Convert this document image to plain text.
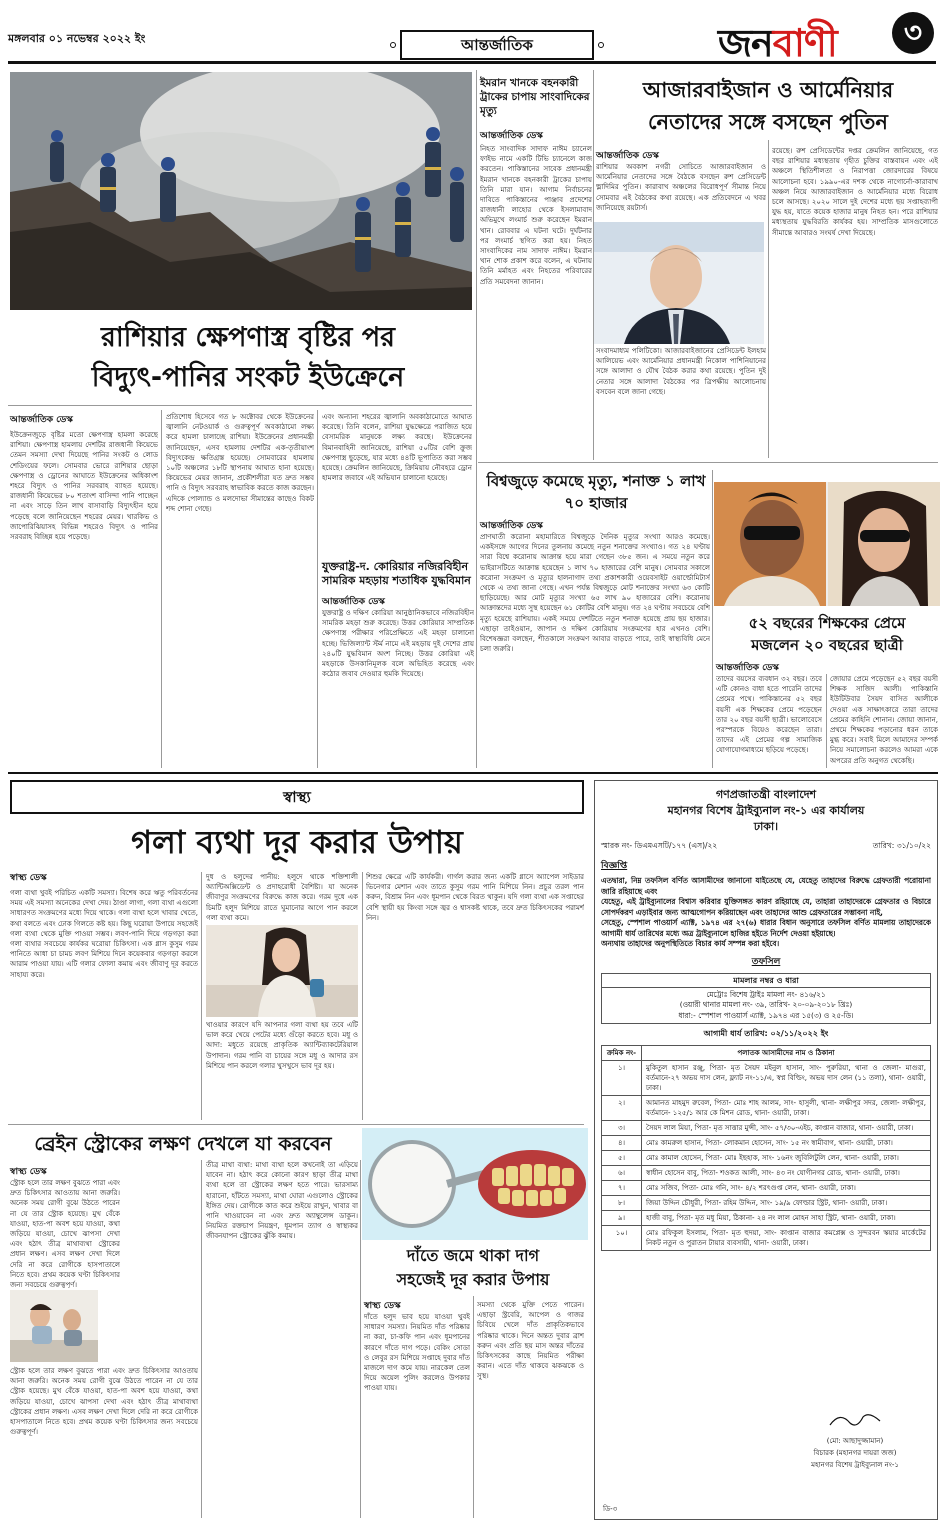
মঙ্গলবার ০১ নভেম্বর ২০২২ ইং	আন্তর্জাতিক	জনবাণী	৩
রাশিয়ার ক্ষেপণাস্ত্র বৃষ্টির পর
বিদ্যুৎ-পানির সংকট ইউক্রেনে
আন্তর্জাতিক ডেস্ক
ইউক্রেনজুড়ে বৃষ্টির মতো ক্ষেপণাস্ত্র হামলা করেছে রাশিয়া। ক্ষেপণাস্ত্র হামলায় দেশটির রাজধানী কিয়েভে তেমন সমস্যা দেখা দিয়েছে পানির সংকট ও লোড শেডিংয়ের ফলে। সোমবার ভোরে রাশিয়ার ছোড়া ক্ষেপণাস্ত্র ও ড্রোনের আঘাতে ইউক্রেনের অধিকাংশ শহরে বিদ্যুৎ ও পানির সরবরাহ ব্যাহত হয়েছে। রাজধানী কিয়েভের ৮০ শতাংশ বাসিন্দা পানি পাচ্ছেন না এবং সাড়ে তিন লাখ বাসাবাড়ি বিদ্যুৎহীন হয়ে পড়েছে বলে জানিয়েছেন শহরের মেয়র। খারকিভ ও জাপোরিঝিয়াসহ বিভিন্ন শহরেও বিদ্যুৎ ও পানির সরবরাহ বিচ্ছিন্ন হয়ে পড়েছে।
প্রতিশোধ হিসেবে গত ৮ অক্টোবর থেকে ইউক্রেনের জ্বালানি নেটওয়ার্ক ও গুরুত্বপূর্ণ অবকাঠামো লক্ষ্য করে হামলা চালাচ্ছে রাশিয়া। ইউক্রেনের প্রধানমন্ত্রী জানিয়েছেন, এসব হামলায় দেশটির এক-তৃতীয়াংশ বিদ্যুৎকেন্দ্র ক্ষতিগ্রস্ত হয়েছে। সোমবারের হামলায় ১০টি অঞ্চলের ১৮টি স্থাপনায় আঘাত হানা হয়েছে। কিয়েভের মেয়র জানান, প্রকৌশলীরা যত দ্রুত সম্ভব পানি ও বিদ্যুৎ সরবরাহ স্বাভাবিক করতে কাজ করছেন। এদিকে পোল্যান্ড ও মলদোভা সীমান্তের কাছেও বিকট শব্দ শোনা গেছে।
এবং অন্যান্য শহরের জ্বালানি অবকাঠামোতে আঘাত করেছে। তিনি বলেন, রাশিয়া যুদ্ধক্ষেত্রে পরাজিত হয়ে বেসামরিক মানুষকে লক্ষ্য করছে। ইউক্রেনের বিমানবাহিনী জানিয়েছে, রাশিয়া ৫০টির বেশি ক্রুজ ক্ষেপণাস্ত্র ছুড়েছে, যার মধ্যে ৪৪টি ভূপাতিত করা সম্ভব হয়েছে। ক্রেমলিন জানিয়েছে, ক্রিমিয়ায় নৌবহরে ড্রোন হামলার জবাবে এই অভিযান চালানো হয়েছে।
যুক্তরাষ্ট্র-দ. কোরিয়ার নজিরবিহীন সামরিক মহড়ায় শতাধিক যুদ্ধবিমান
আন্তর্জাতিক ডেস্ক
যুক্তরাষ্ট্র ও দক্ষিণ কোরিয়া আনুষ্ঠানিকভাবে নজিরবিহীন সামরিক মহড়া শুরু করেছে। উত্তর কোরিয়ার সাম্প্রতিক ক্ষেপণাস্ত্র পরীক্ষার পরিপ্রেক্ষিতে এই মহড়া চালানো হচ্ছে। ভিজিল্যান্ট স্টর্ম নামে এই মহড়ায় দুই দেশের প্রায় ২৪০টি যুদ্ধবিমান অংশ নিচ্ছে। উত্তর কোরিয়া এই মহড়াকে উসকানিমূলক বলে অভিহিত করেছে এবং কঠোর জবাব দেওয়ার হুমকি দিয়েছে।
ইমরান খানকে বহনকারী ট্রাকের চাপায় সাংবাদিকের মৃত্যু
আন্তর্জাতিক ডেস্ক
নিহত সাংবাদিক সাদাফ নাঈম চ্যানেল ফাইভ নামে একটি টিভি চ্যানেলে কাজ করতেন। পাকিস্তানের সাবেক প্রধানমন্ত্রী ইমরান খানকে বহনকারী ট্রাকের চাপায় তিনি মারা যান। আগাম নির্বাচনের দাবিতে পাকিস্তানের পাঞ্জাব প্রদেশের রাজধানী লাহোর থেকে ইসলামাবাদ অভিমুখে লংমার্চ শুরু করেছেন ইমরান খান। রোববার এ ঘটনা ঘটে। দুর্ঘটনার পর লংমার্চ স্থগিত করা হয়। নিহত সাংবাদিকের নাম সাদাফ নাঈম। ইমরান খান শোক প্রকাশ করে বলেন, এ ঘটনায় তিনি মর্মাহত এবং নিহতের পরিবারের প্রতি সমবেদনা জানান।
আজারবাইজান ও আর্মেনিয়ার
নেতাদের সঙ্গে বসছেন পুতিন
আন্তর্জাতিক ডেস্ক
রাশিয়ার অবকাশ নগরী সোচিতে আজারবাইজান ও আর্মেনিয়ার নেতাদের সঙ্গে বৈঠকে বসছেন রুশ প্রেসিডেন্ট ভ্লাদিমির পুতিন। কারাবাখ অঞ্চলের বিরোধপূর্ণ সীমান্ত নিয়ে সোমবার এই বৈঠকের কথা রয়েছে। এক প্রতিবেদনে এ খবর জানিয়েছে রয়টার্স।
সংবাদমাধ্যম পলিটিকো। আজারবাইজানের প্রেসিডেন্ট ইলহাম আলিয়েভ এবং আর্মেনিয়ার প্রধানমন্ত্রী নিকোল পাশিনিয়ানের সঙ্গে আলাদা ও যৌথ বৈঠক করার কথা রয়েছে। পুতিন দুই নেতার সঙ্গে আলাদা বৈঠকের পর ত্রিপক্ষীয় আলোচনায় বসবেন বলে জানা গেছে।
রয়েছে। রুশ প্রেসিডেন্টের দপ্তর ক্রেমলিন জানিয়েছে, গত বছর রাশিয়ার মধ্যস্থতায় গৃহীত চুক্তির বাস্তবায়ন এবং এই অঞ্চলে স্থিতিশীলতা ও নিরাপত্তা জোরদারের বিষয়ে আলোচনা হবে। ১৯৯০-এর দশক থেকে নাগোর্নো-কারাবাখ অঞ্চল নিয়ে আজারবাইজান ও আর্মেনিয়ার মধ্যে বিরোধ চলে আসছে। ২০২০ সালে দুই দেশের মধ্যে ছয় সপ্তাহব্যাপী যুদ্ধ হয়, যাতে কয়েক হাজার মানুষ নিহত হন। পরে রাশিয়ার মধ্যস্থতায় যুদ্ধবিরতি কার্যকর হয়। সাম্প্রতিক মাসগুলোতে সীমান্তে আবারও সংঘর্ষ দেখা দিয়েছে।
বিশ্বজুড়ে কমেছে মৃত্যু, শনাক্ত ১ লাখ ৭০ হাজার
আন্তর্জাতিক ডেস্ক
প্রাণঘাতী করোনা মহামারিতে বিশ্বজুড়ে দৈনিক মৃত্যুর সংখ্যা আরও কমেছে। একইসঙ্গে আগের দিনের তুলনায় কমেছে নতুন শনাক্তের সংখ্যাও। গত ২৪ ঘণ্টায় সারা বিশ্বে করোনায় আক্রান্ত হয়ে মারা গেছেন ৩৮৫ জন। এ সময়ে নতুন করে ভাইরাসটিতে আক্রান্ত হয়েছেন ১ লাখ ৭০ হাজারের বেশি মানুষ। সোমবার সকালে করোনা সংক্রমণ ও মৃত্যুর হালনাগাদ তথ্য প্রকাশকারী ওয়েবসাইট ওয়ার্ল্ডোমিটার্স থেকে এ তথ্য জানা গেছে। এখন পর্যন্ত বিশ্বজুড়ে মোট শনাক্তের সংখ্যা ৬৩ কোটি ছাড়িয়েছে। আর মোট মৃত্যুর সংখ্যা ৬৫ লাখ ৯০ হাজারের বেশি। করোনায় আক্রান্তদের মধ্যে সুস্থ হয়েছেন ৬১ কোটির বেশি মানুষ। গত ২৪ ঘণ্টায় সবচেয়ে বেশি মৃত্যু হয়েছে রাশিয়ায়। একই সময়ে দেশটিতে নতুন শনাক্ত হয়েছে প্রায় ছয় হাজার। এছাড়া তাইওয়ান, জাপান ও দক্ষিণ কোরিয়ায় সংক্রমণের হার এখনও বেশি। বিশেষজ্ঞরা বলছেন, শীতকালে সংক্রমণ আবার বাড়তে পারে, তাই স্বাস্থ্যবিধি মেনে চলা জরুরি।
৫২ বছরের শিক্ষকের প্রেমে
মজলেন ২০ বছরের ছাত্রী
আন্তর্জাতিক ডেস্ক
তাদের বয়সের ব্যবধান ৩২ বছর। তবে এটি কোনও বাধা হতে পারেনি তাদের প্রেমের পথে। পাকিস্তানের ৫২ বছর বয়সী এক শিক্ষকের প্রেমে পড়েছেন তার ২০ বছর বয়সী ছাত্রী। ভালোবেসে পরস্পরকে বিয়েও করেছেন তারা। তাদের এই প্রেমের গল্প সামাজিক যোগাযোগমাধ্যমে ছড়িয়ে পড়েছে।
জোয়ার প্রেমে পড়েছেন ৫২ বছর বয়সী শিক্ষক সাজিদ আলী। পাকিস্তানি ইউটিউবার সৈয়দ বাসিত আলীকে দেওয়া এক সাক্ষাৎকারে তারা তাদের প্রেমের কাহিনি শোনান। জোয়া জানান, প্রথমে শিক্ষকের পড়ানোর ধরন তাকে মুগ্ধ করে। সবাই মিলে আমাদের সম্পর্ক নিয়ে সমালোচনা করলেও আমরা একে অপরের প্রতি অনুগত থেকেছি।
স্বাস্থ্য
গলা ব্যথা দূর করার উপায়
স্বাস্থ্য ডেস্ক
গলা ব্যথা খুবই পরিচিত একটি সমস্যা। বিশেষ করে ঋতু পরিবর্তনের সময় এই সমস্যা অনেকের দেখা দেয়। ঠাণ্ডা লাগা, গলা ব্যথা এগুলো সাধারণত সংক্রমণের মধ্যে দিয়ে থাকে। গলা ব্যথা হলে খাবার খেতে, কথা বলতে এবং ঢোক গিলতে কষ্ট হয়। কিছু ঘরোয়া উপায়ে সহজেই গলা ব্যথা থেকে মুক্তি পাওয়া সম্ভব। লবণ-পানি দিয়ে গড়গড়া করা গলা ব্যথার সবচেয়ে কার্যকর ঘরোয়া চিকিৎসা। এক গ্লাস কুসুম গরম পানিতে আধা চা চামচ লবণ মিশিয়ে দিনে কয়েকবার গড়গড়া করলে আরাম পাওয়া যায়। এটি গলার ফোলা কমায় এবং জীবাণু দূর করতে সাহায্য করে।
দুধ ও হলুদের পানীয়: হলুদে থাকে শক্তিশালী অ্যান্টিঅক্সিডেন্ট ও প্রদাহরোধী বৈশিষ্ট্য। যা অনেক জীবাণুর সংক্রমণের বিরুদ্ধে কাজ করে। গরম দুধে এক চিমটি হলুদ মিশিয়ে রাতে ঘুমানোর আগে পান করলে গলা ব্যথা কমে।
খাওয়ার কারণে যদি আপনার গলা ব্যথা হয় তবে এটি ভাল করে খেয়ে পেটের মধ্যে গুঁড়ো করতে হবে। মধু ও আদা: মধুতে রয়েছে প্রাকৃতিক অ্যান্টিব্যাকটেরিয়াল উপাদান। গরম পানি বা চায়ের সঙ্গে মধু ও আদার রস মিশিয়ে পান করলে গলার খুসখুসে ভাব দূর হয়।
শিশুর ক্ষেত্রে এটি কার্যকরী। গার্গল করার জন্য একটি গ্লাসে অ্যাপেল সাইডার ভিনেগার মেশান এবং তাতে কুসুম গরম পানি মিশিয়ে নিন। প্রচুর তরল পান করুন, বিশ্রাম নিন এবং ধূমপান থেকে বিরত থাকুন। যদি গলা ব্যথা এক সপ্তাহের বেশি স্থায়ী হয় কিংবা সঙ্গে জ্বর ও শ্বাসকষ্ট থাকে, তবে দ্রুত চিকিৎসকের পরামর্শ নিন।
ব্রেইন স্ট্রোকের লক্ষণ দেখলে যা করবেন
স্বাস্থ্য ডেস্ক
স্ট্রোক হলে তার লক্ষণ বুঝতে পারা এবং দ্রুত চিকিৎসার আওতায় আনা জরুরি। অনেক সময় রোগী বুঝে উঠতে পারেন না যে তার স্ট্রোক হয়েছে। মুখ বেঁকে যাওয়া, হাত-পা অবশ হয়ে যাওয়া, কথা জড়িয়ে যাওয়া, চোখে ঝাপসা দেখা এবং হঠাৎ তীব্র মাথাব্যথা স্ট্রোকের প্রধান লক্ষণ। এসব লক্ষণ দেখা দিলে দেরি না করে রোগীকে হাসপাতালে নিতে হবে। প্রথম কয়েক ঘণ্টা চিকিৎসার জন্য সবচেয়ে গুরুত্বপূর্ণ।
স্ট্রোক হলে তার লক্ষণ বুঝতে পারা এবং দ্রুত চিকিৎসার আওতায় আনা জরুরি। অনেক সময় রোগী বুঝে উঠতে পারেন না যে তার স্ট্রোক হয়েছে। মুখ বেঁকে যাওয়া, হাত-পা অবশ হয়ে যাওয়া, কথা জড়িয়ে যাওয়া, চোখে ঝাপসা দেখা এবং হঠাৎ তীব্র মাথাব্যথা স্ট্রোকের প্রধান লক্ষণ। এসব লক্ষণ দেখা দিলে দেরি না করে রোগীকে হাসপাতালে নিতে হবে। প্রথম কয়েক ঘণ্টা চিকিৎসার জন্য সবচেয়ে গুরুত্বপূর্ণ।
তীব্র মাথা ব্যথা: মাথা ব্যথা হলে কখনোই তা এড়িয়ে যাবেন না। হঠাৎ করে কোনো কারণ ছাড়া তীব্র মাথা ব্যথা হলে তা স্ট্রোকের লক্ষণ হতে পারে। ভারসাম্য হারানো, হাঁটতে সমস্যা, মাথা ঘোরা এগুলোও স্ট্রোকের ইঙ্গিত দেয়। রোগীকে কাত করে শুইয়ে রাখুন, খাবার বা পানি খাওয়াবেন না এবং দ্রুত অ্যাম্বুলেন্স ডাকুন। নিয়মিত রক্তচাপ নিয়ন্ত্রণ, ধূমপান ত্যাগ ও স্বাস্থ্যকর জীবনযাপন স্ট্রোকের ঝুঁকি কমায়।
দাঁতে জমে থাকা দাগ
সহজেই দূর করার উপায়
স্বাস্থ্য ডেস্ক
দাঁতে হলুদ ভাব হয়ে যাওয়া খুবই সাধারণ সমস্যা। নিয়মিত দাঁত পরিষ্কার না করা, চা-কফি পান এবং ধূমপানের কারণে দাঁতে দাগ পড়ে। বেকিং সোডা ও লেবুর রস মিশিয়ে সপ্তাহে দুবার দাঁত মাজলে দাগ কমে যায়। নারকেল তেল দিয়ে অয়েল পুলিং করলেও উপকার পাওয়া যায়।
সমস্যা থেকে মুক্তি পেতে পারেন। এছাড়া স্ট্রবেরি, আপেল ও গাজর চিবিয়ে খেলে দাঁত প্রাকৃতিকভাবে পরিষ্কার থাকে। দিনে অন্তত দুবার ব্রাশ করুন এবং প্রতি ছয় মাস অন্তর দাঁতের চিকিৎসকের কাছে নিয়মিত পরীক্ষা করান। এতে দাঁত থাকবে ঝকঝকে ও সুস্থ।
গণপ্রজাতন্ত্রী বাংলাদেশ
মহানগর বিশেষ ট্রাইব্যুনাল নং-১ এর কার্যালয়
ঢাকা।
স্মারক নং- ডিএমএসটি/১৭৭ (এস)/২২	তারিখ: ৩১/১০/২২
বিজ্ঞপ্তি
এতদ্বারা, নিম্ন তফসিল বর্ণিত আসামীদের জানানো যাইতেছে যে, যেহেতু তাহাদের বিরুদ্ধে গ্রেফতারী পরোয়ানা জারি রহিয়াছে এবং
যেহেতু, এই ট্রাইব্যুনালের বিশ্বাস করিবার যুক্তিসঙ্গত কারণ রহিয়াছে যে, তাহারা তাহাদেরকে গ্রেফতার ও বিচারে সোপর্দকরণ এড়াইবার জন্য আত্মগোপন করিয়াছেন এবং তাহাদের আশু গ্রেফতারের সম্ভাবনা নাই,
সেহেতু, স্পেশাল পাওয়ার্স এ্যাক্ট, ১৯৭৪ এর ২৭(৬) ধারার বিধান অনুসারে তফসিল বর্ণিত মামলায় তাহাদেরকে আগামী ধার্য তারিখের মধ্যে অত্র ট্রাইব্যুনালে হাজির হইতে নির্দেশ দেওয়া হইয়াছে।
অন্যথায় তাহাদের অনুপস্থিতিতে বিচার কার্য সম্পন্ন করা হইবে।
তফসিল
মামলার নম্বর ও ধারা
মেট্রোঃ বিশেষ ট্রাইঃ মামলা নং- ৪১৬/২১
(ওয়ারী থানার মামলা নং- ৩৯, তারিখ- ২০-০৯-২০১৮ খ্রিঃ)
ধারা:- স্পেশাল পাওয়ার্স এ্যাক্ট, ১৯৭৪ এর ১৫(৩) ও ২৫-ডি।
আগামী ধার্য তারিখ: ০২/১১/২০২২ ইং
ক্রমিক নং-	পলাতক আসামীদের নাম ও ঠিকানা
১।	মুকিতুল হাসান রঞ্জু, পিতা- মৃত সৈয়দ মইনুল হাসান, সাং- পুরুরিয়া, থানা ও জেলা- মাগুরা, বর্তমানে-২৭ অভয় দাস লেন, ফ্ল্যাট নং-১১/এ, স্বপ্ন বিল্ডিং, অভয় দাস লেন (১১ তলা), থানা- ওয়ারী, ঢাকা।
২।	আমানত মাহমুদ রুবেল, পিতা- মোঃ শাহ আলম, সাং- হাসুলী, থানা- লক্ষীপুর সদর, জেলা- লক্ষীপুর, বর্তমানে- ১২৫/১ আর কে মিশন রোড, থানা- ওয়ারী, ঢাকা।
৩।	সৈয়দ লাল মিয়া, পিতা- মৃত সাত্তার মুন্সী, সাং- ৫৭/৩০-এইচ, কাপ্তান বাজার, থানা- ওয়ারী, ঢাকা।
৪।	মোঃ কামরুল হাসান, পিতা- লোকমান হোসেন, সাং- ১৫ নং স্বামীবাগ, থানা- ওয়ারী, ঢাকা।
৫।	মোঃ কামাল হোসেন, পিতা- মোঃ ইছহাক, সাং- ১৬নং জুবিলিটুলি লেন, থানা- ওয়ারী, ঢাকা।
৬।	স্বাধীন হোসেন বাবু, পিতা- শওকত আলী, সাং- ৪৩ নং যোগীনগর রোড, থানা- ওয়ারী, ঢাকা।
৭।	মোঃ সজিব, পিতা- মোঃ গনি, সাং- ৪/২ শরৎগুপ্ত লেন, থানা- ওয়ারী, ঢাকা।
৮।	জিয়া উদ্দিন চৌধুরী, পিতা- রহিম উদ্দিন, সাং- ১৯/৯ ফোল্ডার স্ট্রিট, থানা- ওয়ারী, ঢাকা।
৯।	হাজী বাবু, পিতা- মৃত মধু মিয়া, ঠিকানা- ২৪ নং লাল মোহন সাহা স্ট্রিট, থানা- ওয়ারী, ঢাকা।
১০।	মোঃ রফিকুল ইসলাম, পিতা- মৃত হুদয়া, সাং- কাপ্তান বাজার কমপ্লেক্স ও সুন্দরবন স্কয়ার মার্কেটের নিকট নতুন ও পুরাতন টায়ার ব্যবসায়ী, থানা- ওয়ারী, ঢাকা।
(মো: আছাদুজ্জামান)
বিচারক (মহানগর দায়রা জজ)
মহানগর বিশেষ ট্রাইব্যুনাল নং-১
ডি-৩
